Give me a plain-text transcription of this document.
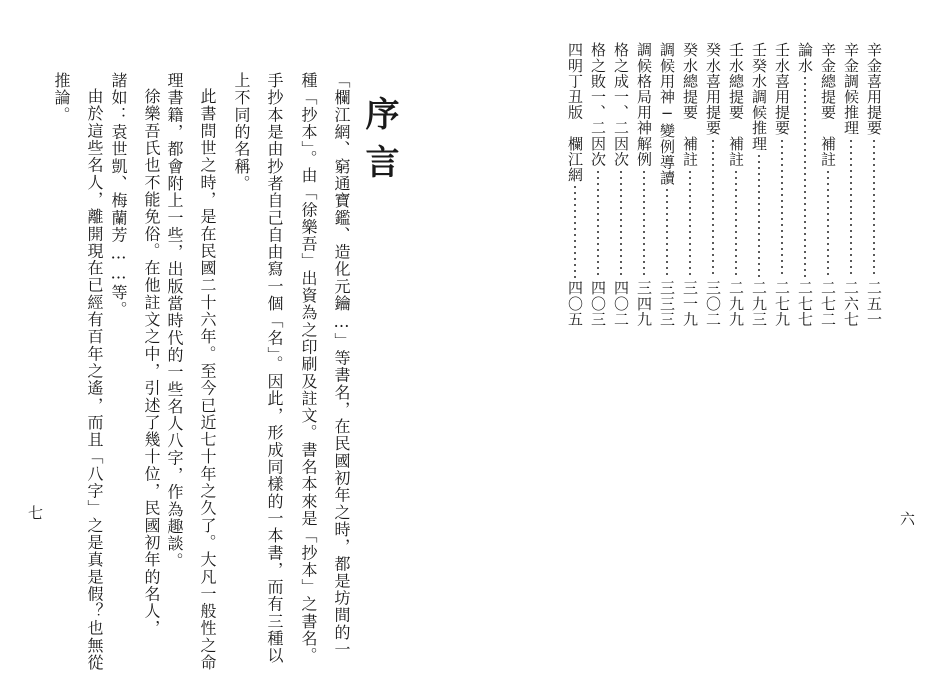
序言
「欄江網、窮通寶鑑、造化元鑰…」等書名，在民國初年之時，都是坊間的一
種「抄本」。由「徐樂吾」出資為之印刷及註文。書名本來是「抄本」之書名。
手抄本是由抄者自己自由寫一個「名」。因此，形成同樣的一本書，而有三種以
上不同的名稱。
此書問世之時，是在民國二十六年。至今已近七十年之久了。大凡一般性之命
理書籍，都會附上一些，出版當時代的一些名人八字，作為趣談。
徐樂吾氏也不能免俗。在他註文之中，引述了幾十位，民國初年的名人，
諸如：袁世凱、梅蘭芳……等。
由於這些名人，離開現在已經有百年之遙，而且「八字」之是真是假？也無從
推論。
七
辛金喜用提要
二五一
辛金調候推理
二六七
辛金總提要　補註
二七二
論水
二七七
壬水喜用提要
二七九
壬癸水調候推理
二九三
壬水總提要　補註
二九九
癸水喜用提要
三〇二
癸水總提要　補註
三一九
調候用神─變例導讀
三三三
調候格局用神解例
三四九
格之成一、二因次
四〇二
格之敗一、二因次
四〇三
四明丁丑版　欄江網
四〇五
六
